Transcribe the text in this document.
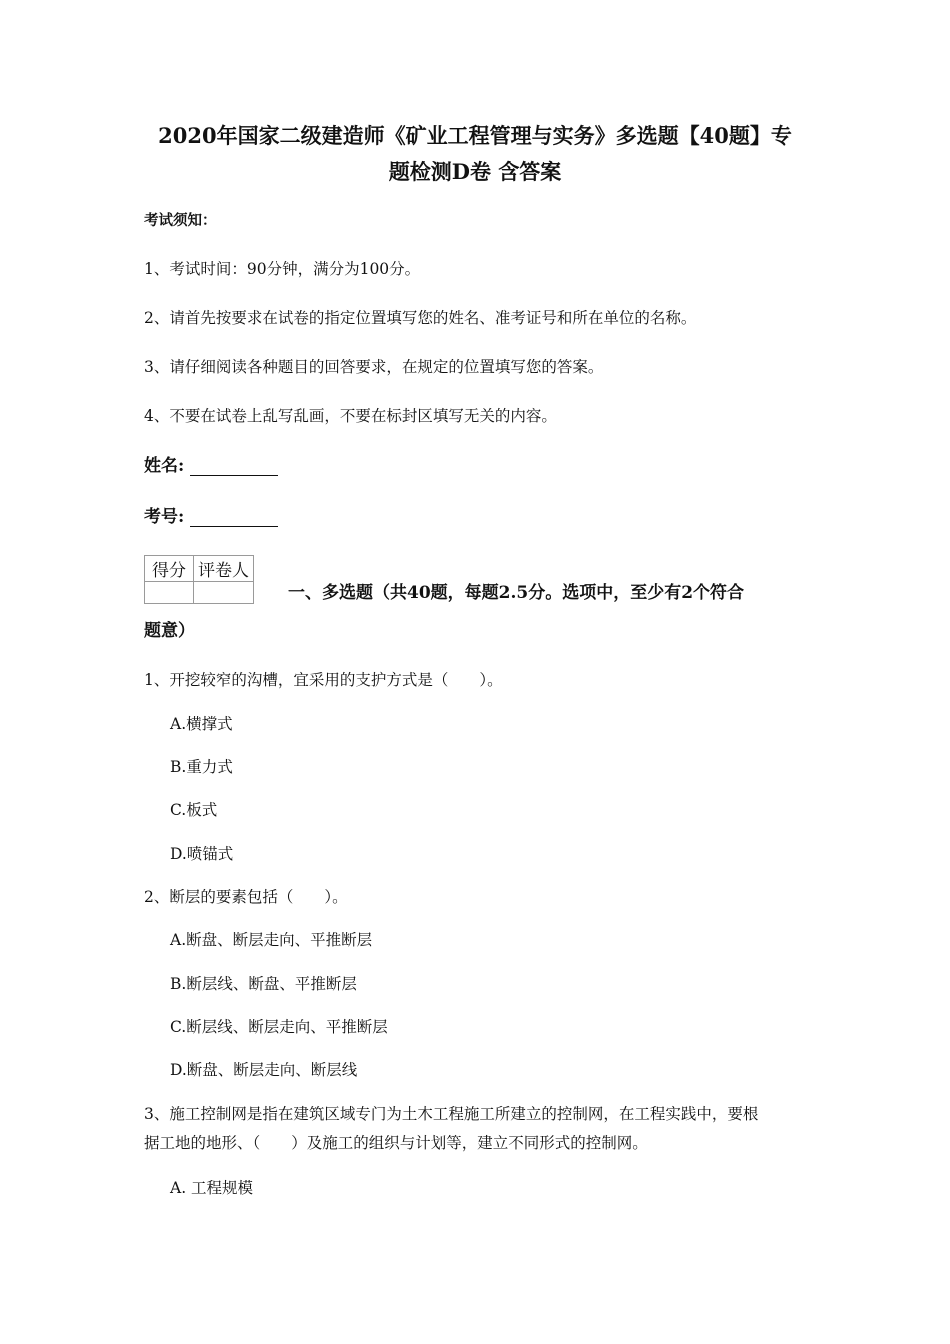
2020年国家二级建造师《矿业工程管理与实务》多选题【40题】专
题检测D卷 含答案
考试须知：
1、考试时间：90分钟，满分为100分。
2、请首先按要求在试卷的指定位置填写您的姓名、准考证号和所在单位的名称。
3、请仔细阅读各种题目的回答要求，在规定的位置填写您的答案。
4、不要在试卷上乱写乱画，不要在标封区填写无关的内容。
姓名:
考号:
得分	评卷人

一、多选题（共40题，每题2.5分。选项中，至少有2个符合
题意）
1、开挖较窄的沟槽，宜采用的支护方式是（　　）。
A.横撑式
B.重力式
C.板式
D.喷锚式
2、断层的要素包括（　　）。
A.断盘、断层走向、平推断层
B.断层线、断盘、平推断层
C.断层线、断层走向、平推断层
D.断盘、断层走向、断层线
3、施工控制网是指在建筑区域专门为土木工程施工所建立的控制网，在工程实践中，要根
据工地的地形、（　　）及施工的组织与计划等，建立不同形式的控制网。
A. 工程规模
